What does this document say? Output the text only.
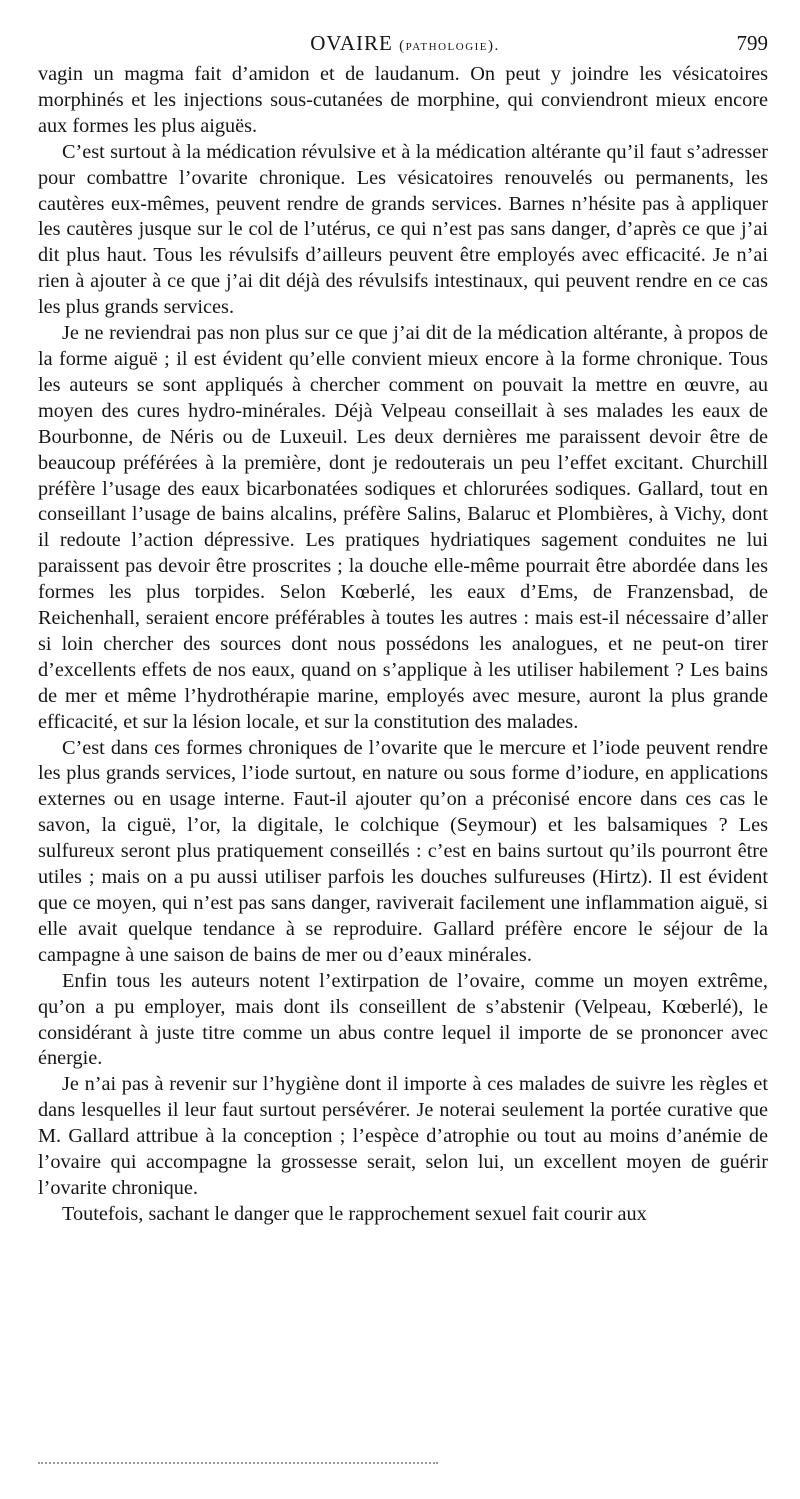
OVAIRE (pathologie).	799

vagin un magma fait d’amidon et de laudanum. On peut y joindre les vésicatoires morphinés et les injections sous-cutanées de morphine, qui conviendront mieux encore aux formes les plus aiguës.

C’est surtout à la médication révulsive et à la médication altérante qu’il faut s’adresser pour combattre l’ovarite chronique. Les vésicatoires renouvelés ou permanents, les cautères eux-mêmes, peuvent rendre de grands services. Barnes n’hésite pas à appliquer les cautères jusque sur le col de l’utérus, ce qui n’est pas sans danger, d’après ce que j’ai dit plus haut. Tous les révulsifs d’ailleurs peuvent être employés avec efficacité. Je n’ai rien à ajouter à ce que j’ai dit déjà des révulsifs intestinaux, qui peuvent rendre en ce cas les plus grands services.

Je ne reviendrai pas non plus sur ce que j’ai dit de la médication altérante, à propos de la forme aiguë ; il est évident qu’elle convient mieux encore à la forme chronique. Tous les auteurs se sont appliqués à chercher comment on pouvait la mettre en œuvre, au moyen des cures hydro-minérales. Déjà Velpeau conseillait à ses malades les eaux de Bourbonne, de Néris ou de Luxeuil. Les deux dernières me paraissent devoir être de beaucoup préférées à la première, dont je redouterais un peu l’effet excitant. Churchill préfère l’usage des eaux bicarbonatées sodiques et chlorurées sodiques. Gallard, tout en conseillant l’usage de bains alcalins, préfère Salins, Balaruc et Plombières, à Vichy, dont il redoute l’action dépressive. Les pratiques hydriatiques sagement conduites ne lui paraissent pas devoir être proscrites ; la douche elle-même pourrait être abordée dans les formes les plus torpides. Selon Kœberlé, les eaux d’Ems, de Franzensbad, de Reichenhall, seraient encore préférables à toutes les autres : mais est-il nécessaire d’aller si loin chercher des sources dont nous possédons les analogues, et ne peut-on tirer d’excellents effets de nos eaux, quand on s’applique à les utiliser habilement ? Les bains de mer et même l’hydrothérapie marine, employés avec mesure, auront la plus grande efficacité, et sur la lésion locale, et sur la constitution des malades.

C’est dans ces formes chroniques de l’ovarite que le mercure et l’iode peuvent rendre les plus grands services, l’iode surtout, en nature ou sous forme d’iodure, en applications externes ou en usage interne. Faut-il ajouter qu’on a préconisé encore dans ces cas le savon, la ciguë, l’or, la digitale, le colchique (Seymour) et les balsamiques ? Les sulfureux seront plus pratiquement conseillés : c’est en bains surtout qu’ils pourront être utiles ; mais on a pu aussi utiliser parfois les douches sulfureuses (Hirtz). Il est évident que ce moyen, qui n’est pas sans danger, raviverait facilement une inflammation aiguë, si elle avait quelque tendance à se reproduire. Gallard préfère encore le séjour de la campagne à une saison de bains de mer ou d’eaux minérales.

Enfin tous les auteurs notent l’extirpation de l’ovaire, comme un moyen extrême, qu’on a pu employer, mais dont ils conseillent de s’abstenir (Velpeau, Kœberlé), le considérant à juste titre comme un abus contre lequel il importe de se prononcer avec énergie.

Je n’ai pas à revenir sur l’hygiène dont il importe à ces malades de suivre les règles et dans lesquelles il leur faut surtout persévérer. Je noterai seulement la portée curative que M. Gallard attribue à la conception ; l’espèce d’atrophie ou tout au moins d’anémie de l’ovaire qui accompagne la grossesse serait, selon lui, un excellent moyen de guérir l’ovarite chronique.

Toutefois, sachant le danger que le rapprochement sexuel fait courir aux
